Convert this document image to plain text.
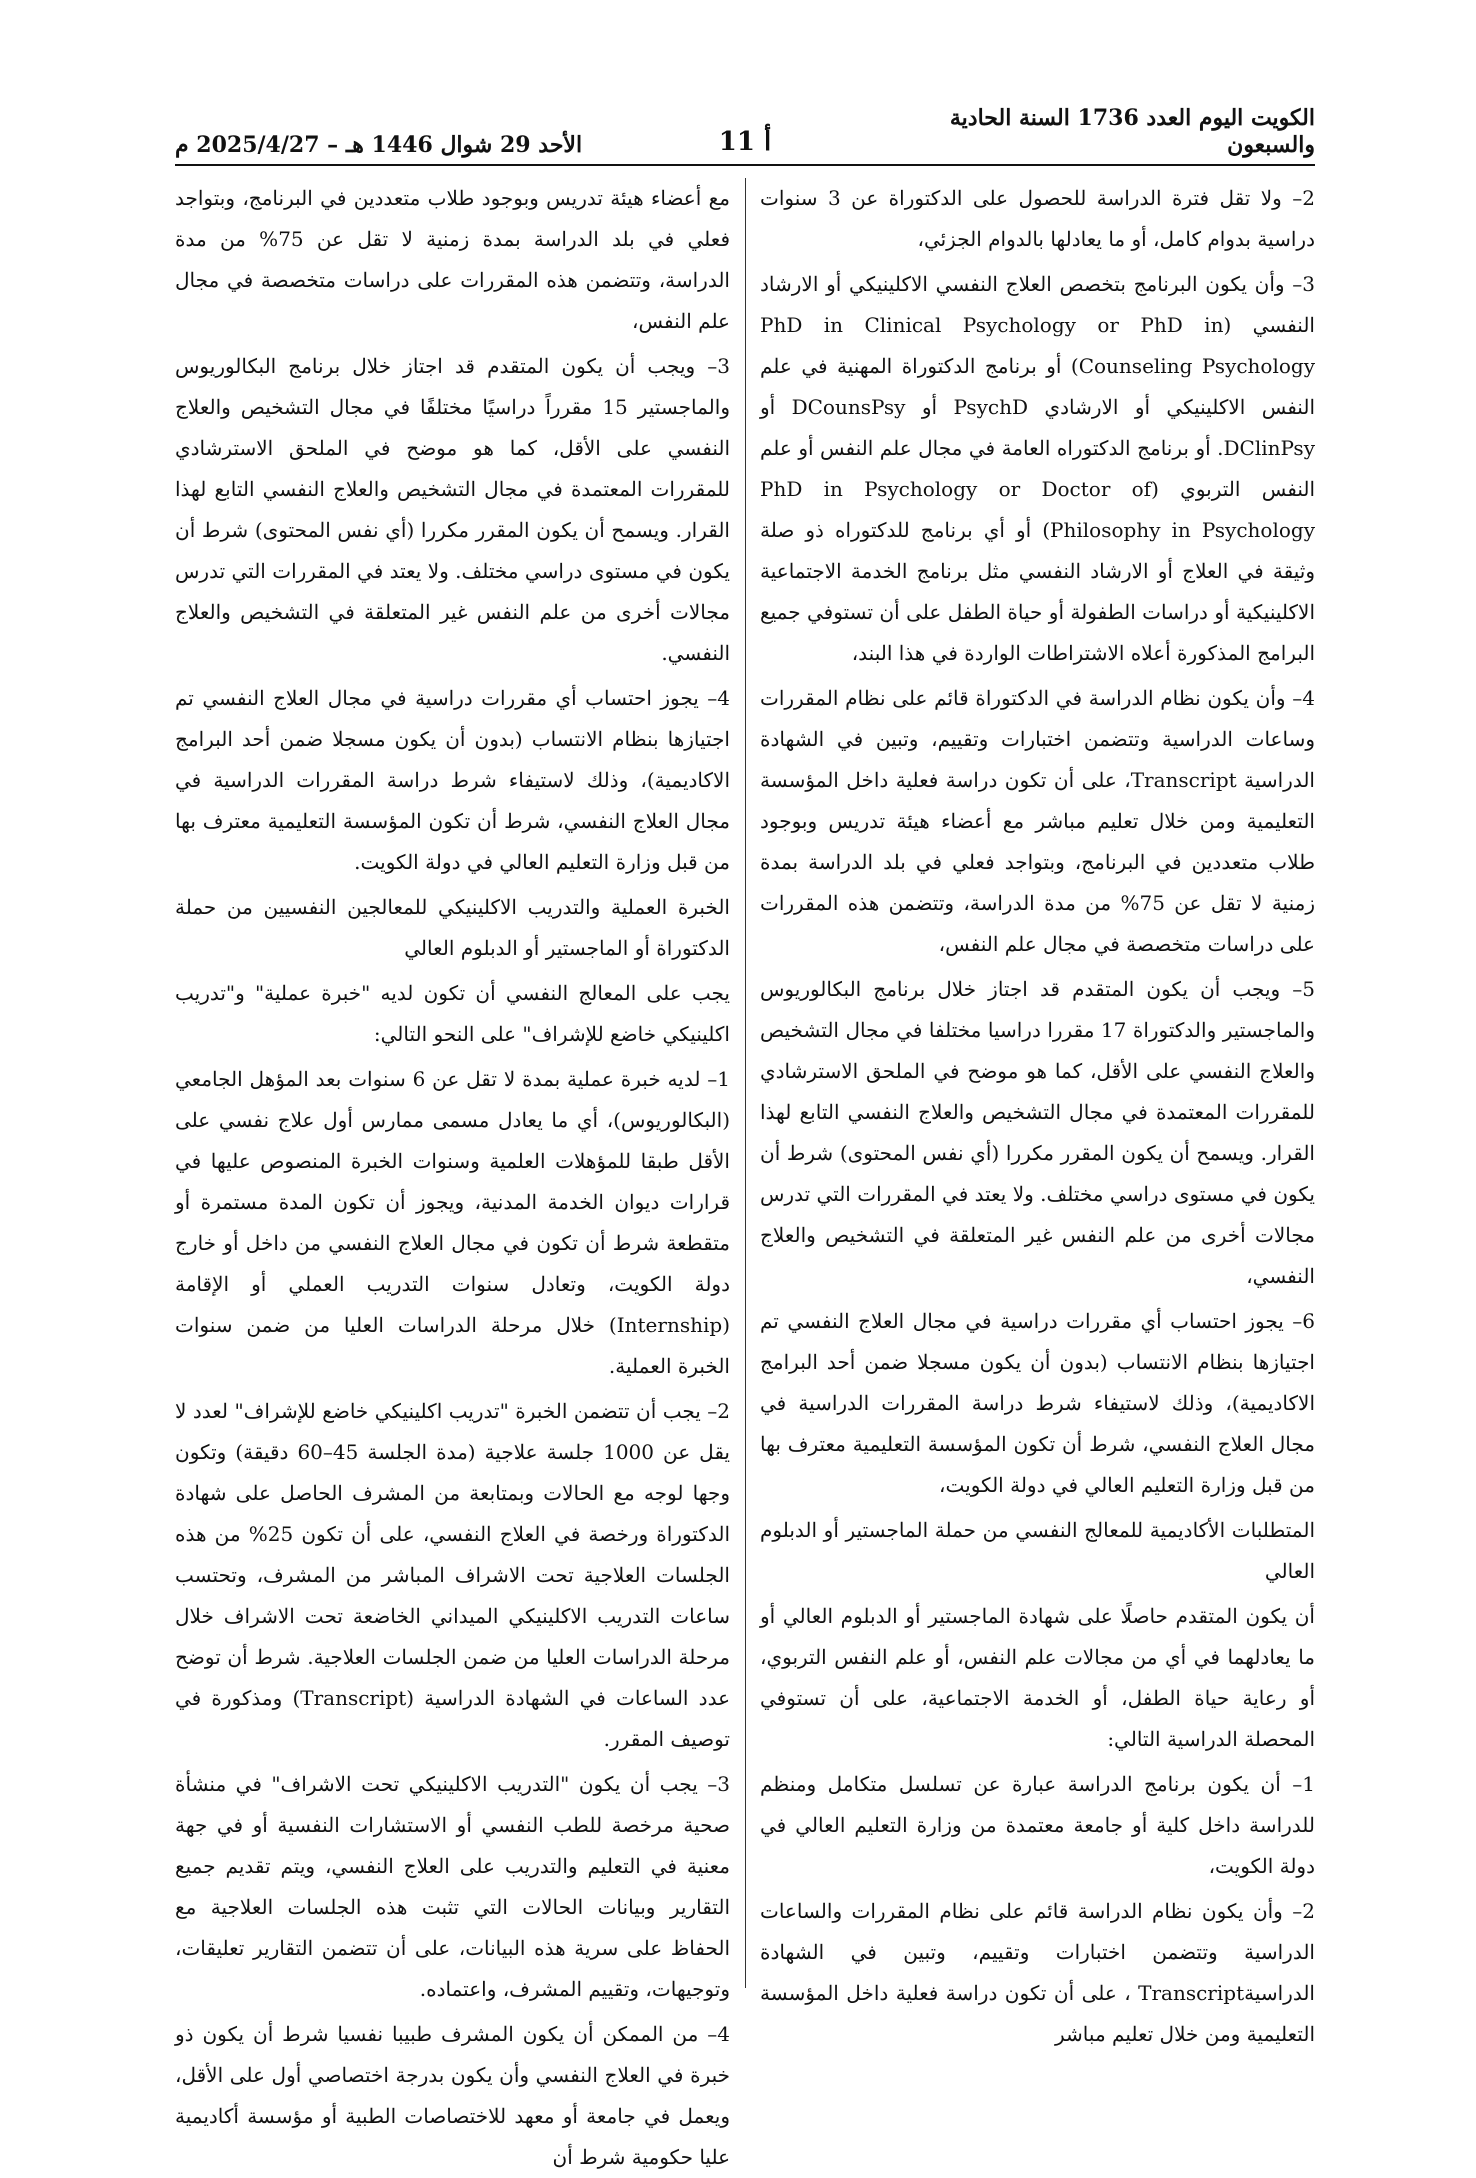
الكويت اليوم العدد 1736 السنة الحادية والسبعون
أ 11
الأحد 29 شوال 1446 هـ – 2025/4/27 م

2– ولا تقل فترة الدراسة للحصول على الدكتوراة عن 3 سنوات دراسية بدوام كامل، أو ما يعادلها بالدوام الجزئي،

3– وأن يكون البرنامج بتخصص العلاج النفسي الاكلينيكي أو الارشاد النفسي (PhD in Clinical Psychology or PhD in Counseling Psychology) أو برنامج الدكتوراة المهنية في علم النفس الاكلينيكي أو الارشادي PsychD أو DCounsPsy أو DClinPsy. أو برنامج الدكتوراه العامة في مجال علم النفس أو علم النفس التربوي (PhD in Psychology or Doctor of Philosophy in Psychology) أو أي برنامج للدكتوراه ذو صلة وثيقة في العلاج أو الارشاد النفسي مثل برنامج الخدمة الاجتماعية الاكلينيكية أو دراسات الطفولة أو حياة الطفل على أن تستوفي جميع البرامج المذكورة أعلاه الاشتراطات الواردة في هذا البند،

4– وأن يكون نظام الدراسة في الدكتوراة قائم على نظام المقررات وساعات الدراسية وتتضمن اختبارات وتقييم، وتبين في الشهادة الدراسية Transcript، على أن تكون دراسة فعلية داخل المؤسسة التعليمية ومن خلال تعليم مباشر مع أعضاء هيئة تدريس وبوجود طلاب متعددين في البرنامج، وبتواجد فعلي في بلد الدراسة بمدة زمنية لا تقل عن 75% من مدة الدراسة، وتتضمن هذه المقررات على دراسات متخصصة في مجال علم النفس،

5– ويجب أن يكون المتقدم قد اجتاز خلال برنامج البكالوريوس والماجستير والدكتوراة 17 مقررا دراسيا مختلفا في مجال التشخيص والعلاج النفسي على الأقل، كما هو موضح في الملحق الاسترشادي للمقررات المعتمدة في مجال التشخيص والعلاج النفسي التابع لهذا القرار. ويسمح أن يكون المقرر مكررا (أي نفس المحتوى) شرط أن يكون في مستوى دراسي مختلف. ولا يعتد في المقررات التي تدرس مجالات أخرى من علم النفس غير المتعلقة في التشخيص والعلاج النفسي،

6– يجوز احتساب أي مقررات دراسية في مجال العلاج النفسي تم اجتيازها بنظام الانتساب (بدون أن يكون مسجلا ضمن أحد البرامج الاكاديمية)، وذلك لاستيفاء شرط دراسة المقررات الدراسية في مجال العلاج النفسي، شرط أن تكون المؤسسة التعليمية معترف بها من قبل وزارة التعليم العالي في دولة الكويت،

المتطلبات الأكاديمية للمعالج النفسي من حملة الماجستير أو الدبلوم العالي

أن يكون المتقدم حاصلًا على شهادة الماجستير أو الدبلوم العالي أو ما يعادلهما في أي من مجالات علم النفس، أو علم النفس التربوي، أو رعاية حياة الطفل، أو الخدمة الاجتماعية، على أن تستوفي المحصلة الدراسية التالي:

1– أن يكون برنامج الدراسة عبارة عن تسلسل متكامل ومنظم للدراسة داخل كلية أو جامعة معتمدة من وزارة التعليم العالي في دولة الكويت،

2– وأن يكون نظام الدراسة قائم على نظام المقررات والساعات الدراسية وتتضمن اختبارات وتقييم، وتبين في الشهادة الدراسيةTranscript ، على أن تكون دراسة فعلية داخل المؤسسة التعليمية ومن خلال تعليم مباشر

مع أعضاء هيئة تدريس وبوجود طلاب متعددين في البرنامج، وبتواجد فعلي في بلد الدراسة بمدة زمنية لا تقل عن 75% من مدة الدراسة، وتتضمن هذه المقررات على دراسات متخصصة في مجال علم النفس،

3– ويجب أن يكون المتقدم قد اجتاز خلال برنامج البكالوريوس والماجستير 15 مقرراً دراسيًا مختلفًا في مجال التشخيص والعلاج النفسي على الأقل، كما هو موضح في الملحق الاسترشادي للمقررات المعتمدة في مجال التشخيص والعلاج النفسي التابع لهذا القرار. ويسمح أن يكون المقرر مكررا (أي نفس المحتوى) شرط أن يكون في مستوى دراسي مختلف. ولا يعتد في المقررات التي تدرس مجالات أخرى من علم النفس غير المتعلقة في التشخيص والعلاج النفسي.

4– يجوز احتساب أي مقررات دراسية في مجال العلاج النفسي تم اجتيازها بنظام الانتساب (بدون أن يكون مسجلا ضمن أحد البرامج الاكاديمية)، وذلك لاستيفاء شرط دراسة المقررات الدراسية في مجال العلاج النفسي، شرط أن تكون المؤسسة التعليمية معترف بها من قبل وزارة التعليم العالي في دولة الكويت.

الخبرة العملية والتدريب الاكلينيكي للمعالجين النفسيين من حملة الدكتوراة أو الماجستير أو الدبلوم العالي

يجب على المعالج النفسي أن تكون لديه "خبرة عملية" و"تدريب اكلينيكي خاضع للإشراف" على النحو التالي:

1– لديه خبرة عملية بمدة لا تقل عن 6 سنوات بعد المؤهل الجامعي (البكالوريوس)، أي ما يعادل مسمى ممارس أول علاج نفسي على الأقل طبقا للمؤهلات العلمية وسنوات الخبرة المنصوص عليها في قرارات ديوان الخدمة المدنية، ويجوز أن تكون المدة مستمرة أو متقطعة شرط أن تكون في مجال العلاج النفسي من داخل أو خارج دولة الكويت، وتعادل سنوات التدريب العملي أو الإقامة (Internship) خلال مرحلة الدراسات العليا من ضمن سنوات الخبرة العملية.

2– يجب أن تتضمن الخبرة "تدريب اكلينيكي خاضع للإشراف" لعدد لا يقل عن 1000 جلسة علاجية (مدة الجلسة 45–60 دقيقة) وتكون وجها لوجه مع الحالات وبمتابعة من المشرف الحاصل على شهادة الدكتوراة ورخصة في العلاج النفسي، على أن تكون 25% من هذه الجلسات العلاجية تحت الاشراف المباشر من المشرف، وتحتسب ساعات التدريب الاكلينيكي الميداني الخاضعة تحت الاشراف خلال مرحلة الدراسات العليا من ضمن الجلسات العلاجية. شرط أن توضح عدد الساعات في الشهادة الدراسية (Transcript) ومذكورة في توصيف المقرر.

3– يجب أن يكون "التدريب الاكلينيكي تحت الاشراف" في منشأة صحية مرخصة للطب النفسي أو الاستشارات النفسية أو في جهة معنية في التعليم والتدريب على العلاج النفسي، ويتم تقديم جميع التقارير وبيانات الحالات التي تثبت هذه الجلسات العلاجية مع الحفاظ على سرية هذه البيانات، على أن تتضمن التقارير تعليقات، وتوجيهات، وتقييم المشرف، واعتماده.

4– من الممكن أن يكون المشرف طبيبا نفسيا شرط أن يكون ذو خبرة في العلاج النفسي وأن يكون بدرجة اختصاصي أول على الأقل، ويعمل في جامعة أو معهد للاختصاصات الطبية أو مؤسسة أكاديمية عليا حكومية شرط أن
